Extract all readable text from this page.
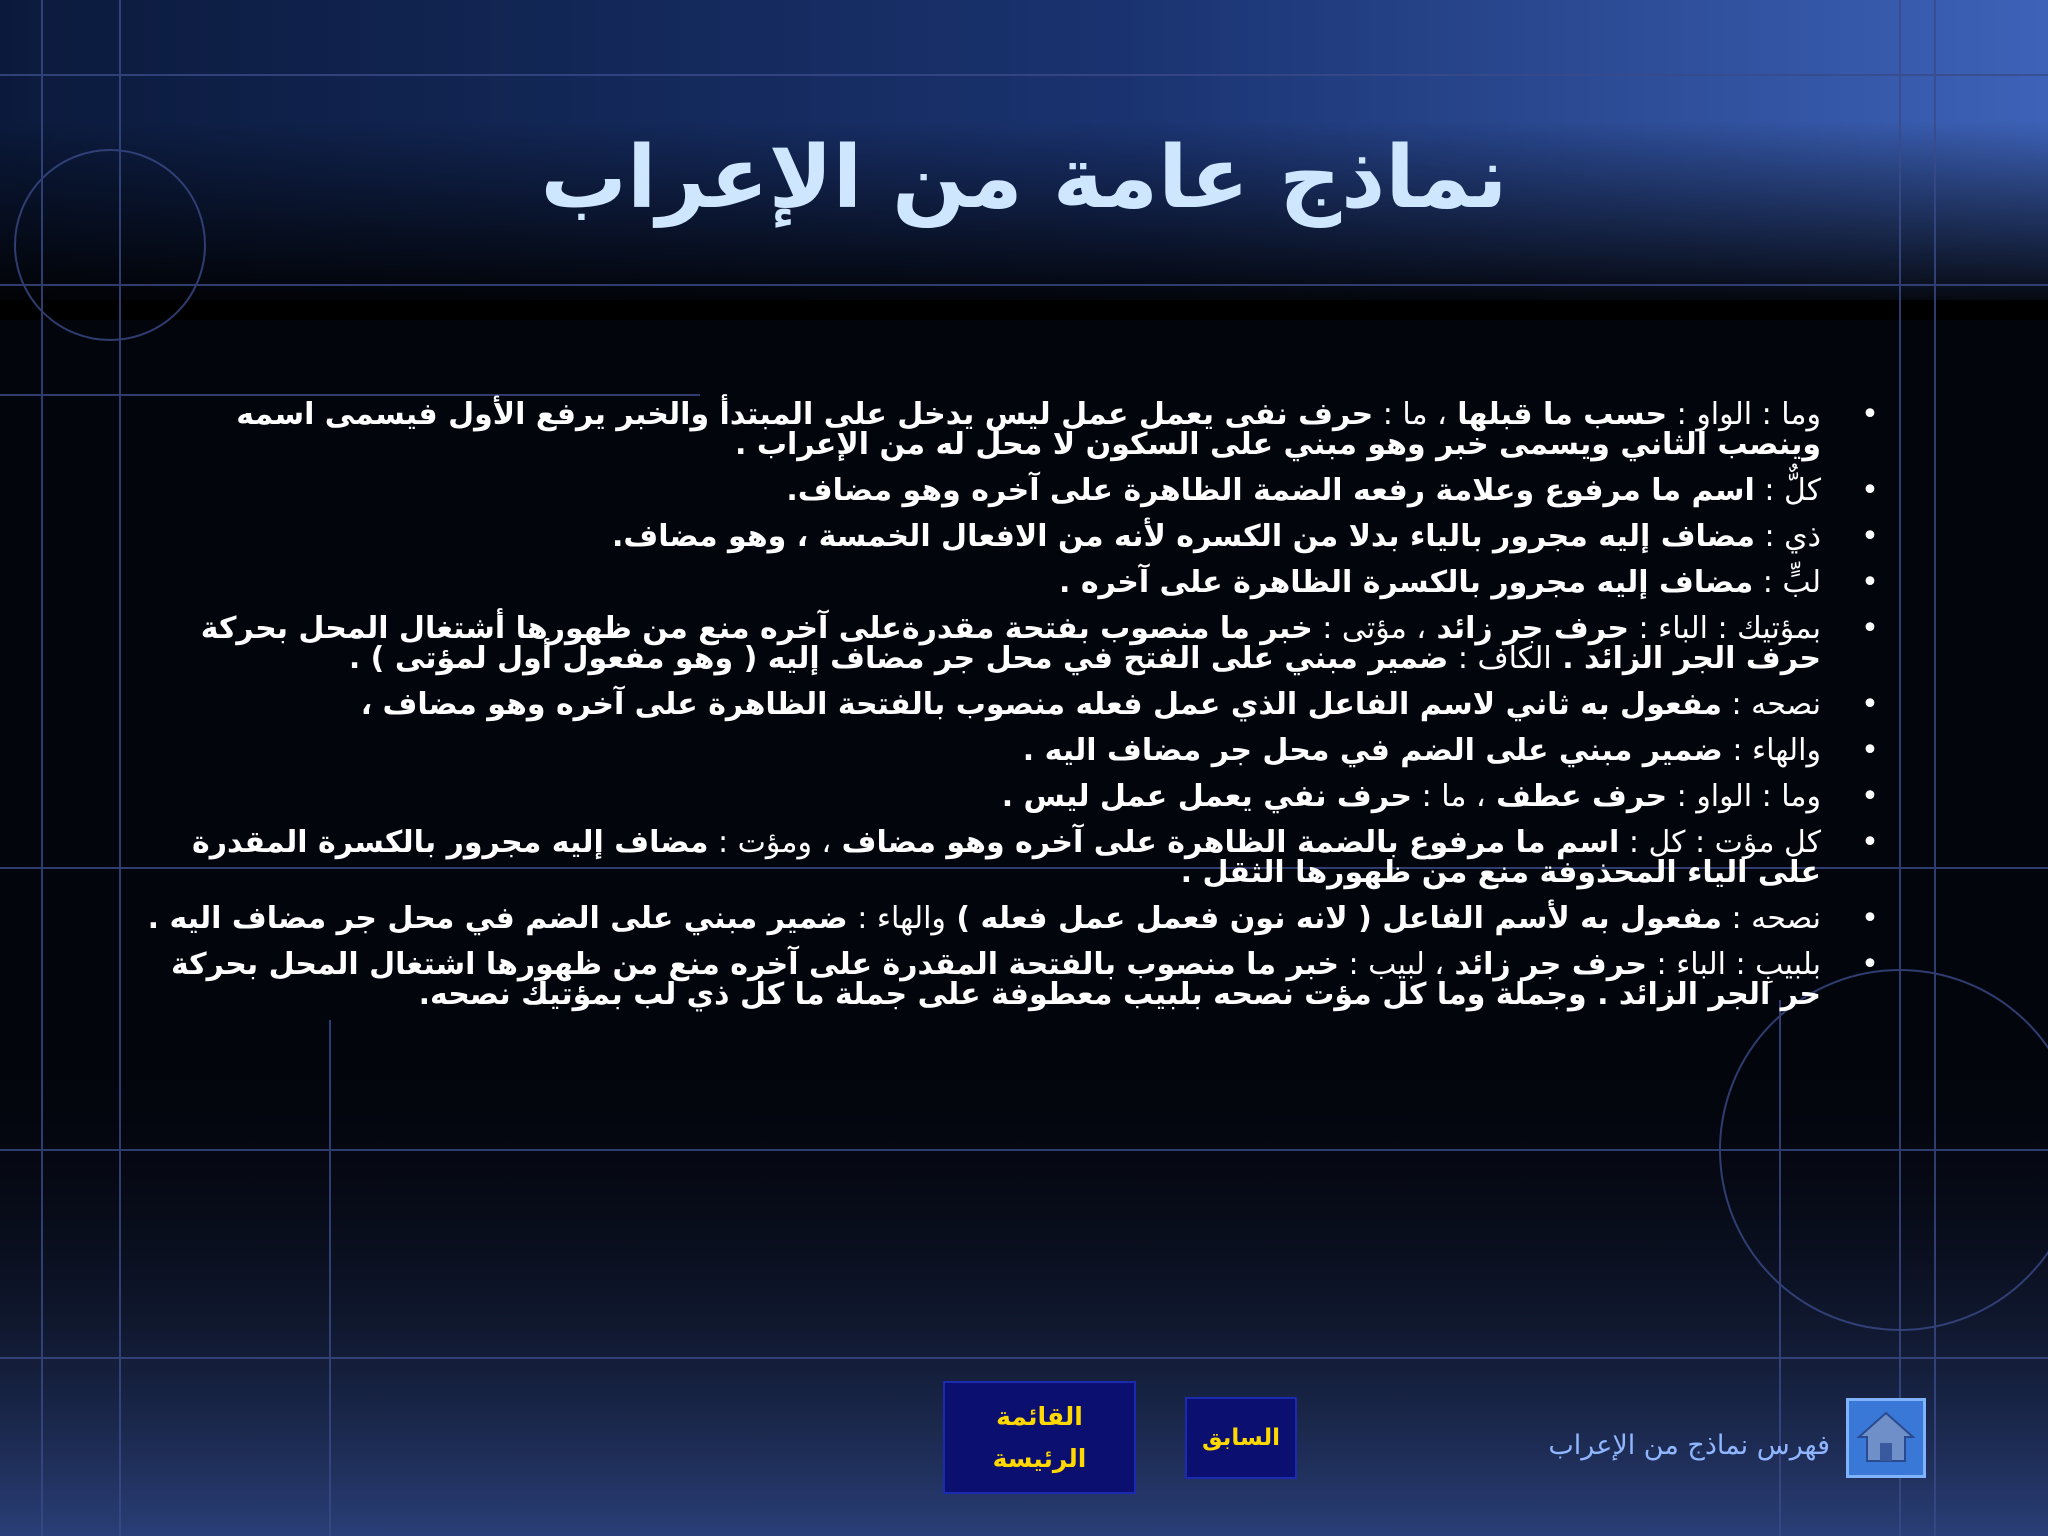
نماذج عامة من الإعراب
•
وما : الواو : حسب ما قبلها ، ما : حرف نفى يعمل عمل ليس يدخل على المبتدأ والخبر يرفع الأول فيسمى اسمه وينصب الثاني ويسمى خبر وهو مبني على السكون لا محل له من الإعراب .
•
كلٌّ : اسم ما مرفوع وعلامة رفعه الضمة الظاهرة على آخره وهو مضاف.
•
ذي : مضاف إليه مجرور بالياء بدلا من الكسره لأنه من الافعال الخمسة ، وهو مضاف.
•
لبٍّ : مضاف إليه مجرور بالكسرة الظاهرة على آخره .
•
بمؤتيك : الباء : حرف جر زائد ، مؤتى : خبر ما منصوب بفتحة مقدرةعلى آخره منع من ظهورها أشتغال المحل بحركة حرف الجر الزائد . الكاف : ضمير مبني على الفتح في محل جر مضاف إليه ( وهو مفعول أول لمؤتى ) .
•
نصحه : مفعول به ثاني لاسم الفاعل الذي عمل فعله منصوب بالفتحة الظاهرة على آخره وهو مضاف ،
•
والهاء : ضمير مبني على الضم في محل جر مضاف اليه .
•
وما : الواو : حرف عطف ، ما : حرف نفي يعمل عمل ليس .
•
كل مؤت : كل : اسم ما مرفوع بالضمة الظاهرة على آخره وهو مضاف ، ومؤت : مضاف إليه مجرور بالكسرة المقدرة على الياء المحذوفة منع من ظهورها الثقل .
•
نصحه : مفعول به لأسم الفاعل ( لانه نون فعمل عمل فعله ) والهاء : ضمير مبني على الضم في محل جر مضاف اليه .
•
بلبيبِ : الباء : حرف جر زائد ، لبيب : خبر ما منصوب بالفتحة المقدرة على آخره منع من ظهورها اشتغال المحل بحركة حر الجر الزائد . وجملة وما كل مؤت نصحه بلبيب معطوفة على جملة ما كل ذي لب بمؤتيك نصحه.
القائمة
الرئيسة
السابق	فهرس نماذج من الإعراب
